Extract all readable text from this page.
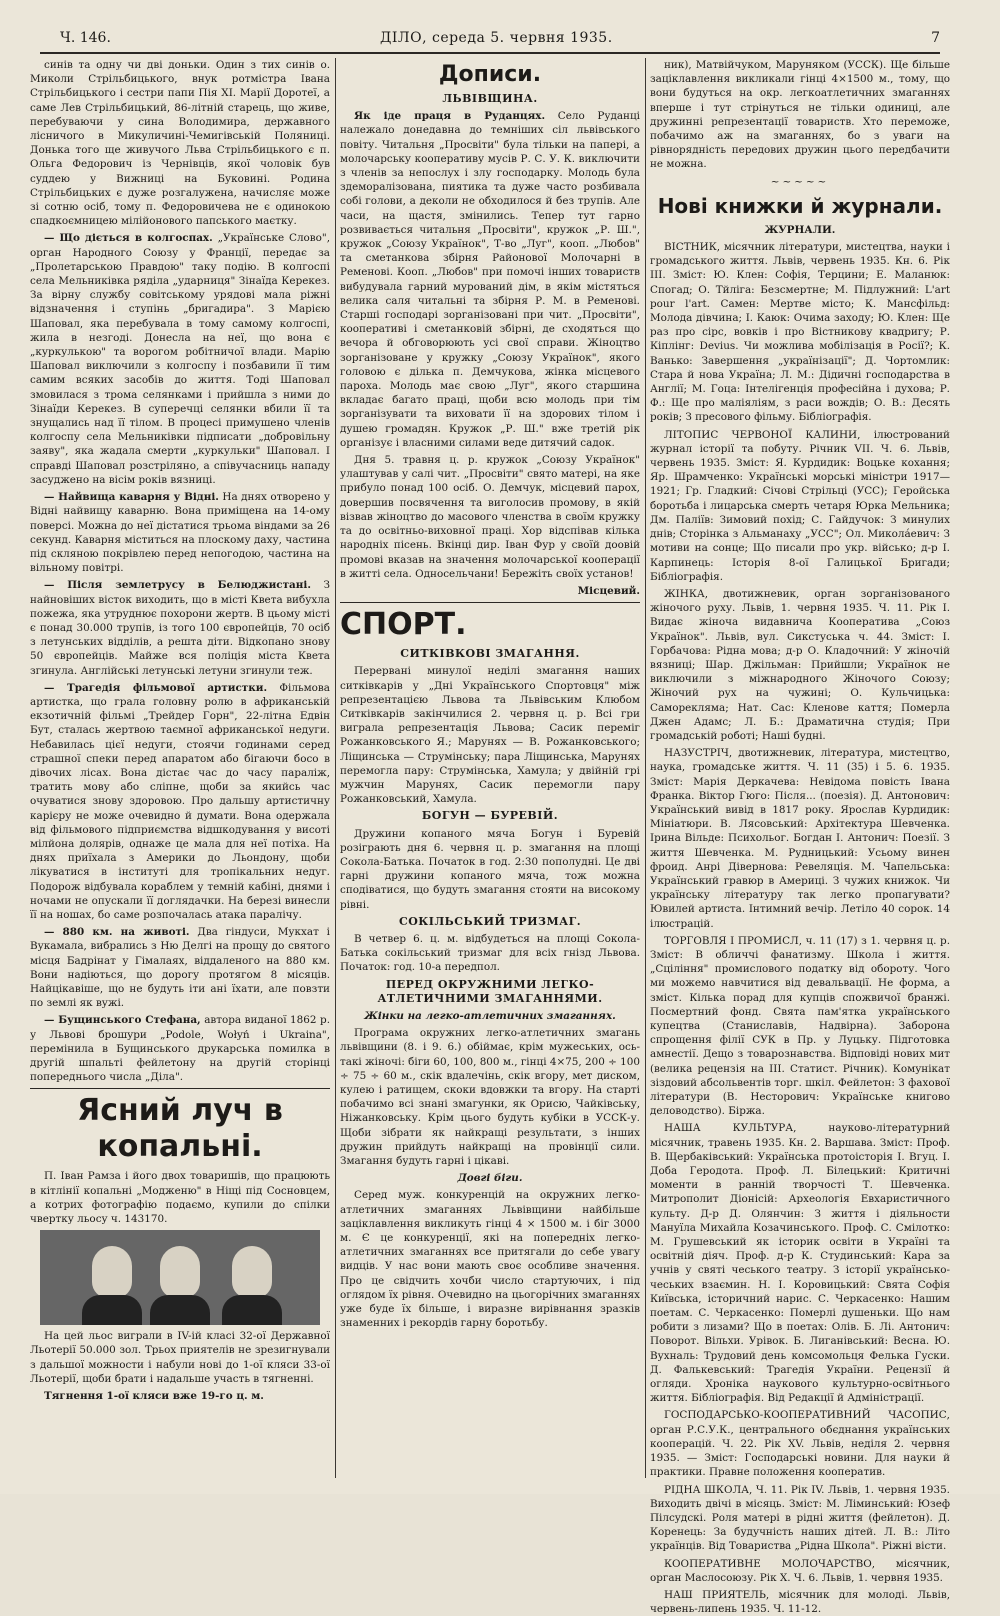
Ч. 146.	ДІЛО, середа 5. червня 1935.	7

синів та одну чи дві доньки. Один з тих синів о. Миколи Стрільбицького, внук ротмістра Івана Стрільбицького і сестри папи Пія XI. Марії Доротеї, а саме Лев Стрільбицький, 86-літній старець, що живе, перебуваючи у сина Володимира, державного лісничого в Микуличині-Чемигівській Поляниці. Донька того ще живучого Льва Стрільбицького є п. Ольга Федорович із Чернівців, якої чоловік був суддею у Вижниці на Буковині. Родина Стрільбицьких є дуже розгалужена, начисляє може зі сотню осіб, тому п. Федоровичева не є одинокою спадкоємницею мілійонового папського маєтку.

— Що діється в колгоспах. „Українське Слово", орган Народного Союзу у Франції, передає за „Пролетарською Правдою" таку подію. В колгоспі села Мельниківка ряділа „ударниця" Зінаїда Керекез. За вірну службу совітському урядові мала ріжні відзначення і ступінь „бригадира". З Марією Шаповал, яка перебувала в тому самому колгоспі, жила в незгоді. Донесла на неї, що вона є „куркулькою" та ворогом робітничої влади. Марію Шаповал виключили з колгоспу і позбавили її тим самим всяких засобів до життя. Тоді Шаповал змовилася з трома селянками і прийшла з ними до Зінаїди Керекез. В суперечці селянки вбили її та знущались над її тілом. В процесі примушено членів колгоспу села Мельниківки підписати „добровільну заяву", яка жадала смерти „куркульки" Шаповал. І справді Шаповал розстріляно, а співучасниць нападу засуджено на вісім років вязниці.

— Найвища каварня у Відні. На днях отворено у Відні найвищу каварню. Вона приміщена на 14-ому поверсі. Можна до неї дістатися трьома віндами за 26 секунд. Каварня міститься на плоскому даху, частина під скляною покрівлею перед непогодою, частина на вільному повітрі.

— Після землетрусу в Белюджистані. З найновіших вісток виходить, що в місті Квета вибухла пожежа, яка утруднює похорони жертв. В цьому місті є понад 30.000 трупів, із того 100 європейців, 70 осіб з летунських відділів, а решта діти. Відкопано знову 50 європейців. Майже вся поліція міста Квета згинула. Англійські летунські летуни згинули теж.

— Трагедія фільмової артистки. Фільмова артистка, що грала головну ролю в африканській екзотичній фільмі „Трейдер Горн", 22-літна Едвін Бут, сталась жертвою таємної африканської недуги. Небавилась цієї недуги, стоячи годинами серед страшної спеки перед апаратом або бігаючи босо в дівочих лісах. Вона дістає час до часу параліж, тратить мову або сліпне, щоби за якийсь час очуватися знову здоровою. Про дальшу артистичну карієру не може очевидно й думати. Вона одержала від фільмового підприємства відшкодування у висоті мілйона долярів, однаже це мала для неї потіха. На днях приїхала з Америки до Льондону, щоби лікуватися в інституті для тропікальних недуг. Подорож відбувала кораблем у темній кабіні, днями і ночами не опускали її доглядачки. На березі винесли її на ношах, бо саме розпочалась атака паралічу.

— 880 км. на животі. Два гіндуси, Мукхат і Вукамала, вибрались з Ню Делгі на прощу до святого місця Бадрінат у Гімалаях, віддаленого на 880 км. Вони надіються, що дорогу протягом 8 місяців. Найцікавіше, що не будуть іти ані їхати, але повзти по землі як вужі.

— Бущинського Стефана, автора виданої 1862 р. у Львові брошури „Podole, Wołyń i Ukraina", перемінила в Бущинського друкарська помилка в другій шпальті фейлетону на другій сторінці попереднього числа „Діла".

Ясний луч в копальні.

П. Іван Рамза і його двох товаришів, що працюють в кітлінії копальні „Модженю" в Ніщі під Сосновцем, а котрих фотографію подаємо, купили до спілки чвертку льосу ч. 143170.

На цей льос виграли в IV-ій класі 32-ої Державної Льотерії 50.000 зол. Трьох приятелів не зрезигнували з дальшої можности і набули нові до 1-ої кляси 33-ої Льотерії, щоби брати і надальше участь в тягненні.

Тягнення 1-ої кляси вже 19-го ц. м.

Дописи.

ЛЬВІВЩИНА.

Як іде праця в Руданцях. Село Руданці належало донедавна до темніших сіл львівського повіту. Читальня „Просвіти" була тільки на папері, а молочарську кооперативу мусів Р. С. У. К. виключити з членів за непослух і злу господарку. Молодь була здеморалізована, пиятика та дуже часто розбивала собі голови, а деколи не обходилося й без трупів. Але часи, на щастя, змінились. Тепер тут гарно розвивається читальня „Просвіти", кружок „Р. Ш.", кружок „Союзу Українок", Т-во „Луг", кооп. „Любов" та сметанкова збірня Районової Молочарні в Ременові. Коoп. „Любов" при помочі інших товариств вибудувала гарний мурований дім, в якім містяться велика саля читальні та збірня Р. М. в Ременові. Старші господарі зорганізовані при чит. „Просвіти", кооперативі і сметанковій збірні, де сходяться що вечора й обговорюють усі свої справи. Жіноцтво зорганізоване у кружку „Союзу Українок", якого головою є ділька п. Демчукова, жінка місцевого пароха. Молодь має свою „Луг", якого старшина вкладає багато праці, щоби всю молодь при тім зорганізувати та виховати її на здорових тілом і душею громадян. Кружок „Р. Ш." вже третій рік організує і власними силами веде дитячий садок.

Дня 5. травня ц. р. кружок „Союзу Українок" улаштував у салі чит. „Просвіти" свято матері, на яке прибуло понад 100 осіб. О. Демчук, місцевий парох, довершив посвячення та виголосив промову, в якій візвав жіноцтво до масового членства в своїм кружку та до освітньо-виховної праці. Хор відспівав кілька народніх пісень. Вкінці дир. Іван Фур у своїй доовій промові вказав на значення молочарської кооперації в житті села. Односельчани! Бережіть своїх установ!

Місцевий.

СПОРТ.

СИТКІВКОВІ ЗМАГАННЯ.

Перервані минулої неділі змагання наших ситківкарів у „Дні Українського Спортовця" між репрезентацією Львова та Львівським Клюбом Ситківкарів закінчилися 2. червня ц. р. Всі гри виграла репрезентація Львова; Сасик переміг Рожанковського Я.; Марунях — В. Рожанковського; Ліщинська — Струмінську; пара Ліщинська, Марунях перемогла пару: Струмінська, Хамула; у двійній грі мужчин Марунях, Сасик перемогли пару Рожанковський, Хамула.

БОГУН — БУРЕВІЙ.

Дружини копаного мяча Богун і Буревій розіграють дня 6. червня ц. р. змагання на площі Сокола-Батька. Початок в год. 2:30 пополудні. Це дві гарні дружини копаного мяча, тож можна сподіватися, що будуть змагання стояти на високому рівні.

СОКІЛЬСЬКИЙ ТРИЗМАГ.

В четвер 6. ц. м. відбудеться на площі Сокола-Батька сокільський тризмаг для всіх гнізд Львова. Початок: год. 10-а передпол.

ПЕРЕД ОКРУЖНИМИ ЛЕГКО-АТЛЕТИЧНИМИ ЗМАГАННЯМИ.

Жінки на легко-атлетичних змаганнях.

Програма окружних легко-атлетичних змагань львівщини (8. і 9. 6.) обіймає, крім мужеських, ось-такі жіночі: біги 60, 100, 800 м., гінці 4×75, 200 ÷ 100 ÷ 75 ÷ 60 м., скік вдалечінь, скік вгору, мет диском, кулею і ратищем, скоки вдовжки та вгору. На старті побачимо всі знані змагунки, як Орисю, Чайківську, Ніжанковську. Крім цього будуть кубіки в УССК-у. Щоби зібрати як найкращі результати, з інших дружин прийдуть найкращі на провінції сили. Змагання будуть гарні і цікаві.

Довгі біги.

Серед муж. конкуренцій на окружних легко-атлетичних змаганнях Львівщини найбільше заціклавлення викликуть гінці 4 × 1500 м. і біг 3000 м. Є це конкуренції, які на попередніх легко-атлетичних змаганнях все притягали до себе увагу видців. У нас вони мають своє особливе значення. Про це свідчить хочби число стартуючих, і під оглядом їх рівня. Очевидно на цьогорічних змаганнях уже буде їх більше, і виразне вирівнання зразків знаменних і рекордів гарну боротьбу.

ник), Матвійчуком, Маруняком (УССК). Ще більше заціклавлення викликали гінці 4×1500 м., тому, що вони будуться на окр. легкоатлетичних змаганнях вперше і тут стрінуться не тільки одиниці, але дружинні репрезентації товариств. Хто переможе, побачимо аж на змаганнях, бо з уваги на рівнорядність передових дружин цього передбачити не можна.

~~~~~
Нові книжки й журнали.

ЖУРНАЛИ.

ВІСТНИК, місячник літератури, мистецтва, науки і громадського життя. Львів, червень 1935. Кн. 6. Рік III. Зміст: Ю. Клен: Софія, Терцини; Е. Маланюк: Спогад; О. Тйліга: Безсмертне; М. Підлужний: L'art pour l'art. Самен: Мертве місто; К. Мансфільд: Молода дівчина; І. Каюк: Очима заходу; Ю. Клен: Ще раз про сірс, вовків і про Вістникову квадригу; Р. Кіплінг: Dеvіus. Чи можлива мобілізація в Росії?; К. Ванько: Завершення „українізації"; Д. Чортомлик: Стара й нова Україна; Л. М.: Дідичні господарства в Англії; М. Гоца: Інтелігенція професійна і духова; Р. Ф.: Ще про маліяліям, з раси вождів; О. В.: Десять років; З пресового фільму. Бібліографія.

ЛІТОПИС ЧЕРВОНОЇ КАЛИНИ, ілюстрований журнал історії та побуту. Річник VII. Ч. 6. Львів, червень 1935. Зміст: Я. Курдидик: Воцьке кохання; Яр. Шрамченко: Українські морські міністри 1917—1921; Гр. Гладкий: Січові Стрільці (УСС); Геройська боротьба і лицарська смерть четаря Юрка Мельника; Дм. Паліїв: Зимовий похід; С. Гайдучок: З минулих днів; Сторінка з Альманаху „УСС"; Ол. Микола́евич: З мотиви на сонце; Що писали про укр. військо; д-р І. Карпинець: Історія 8-ої Галицької Бригади; Бібліографія.

ЖІНКА, двотижневик, орган зорганізованого жіночого руху. Львів, 1. червня 1935. Ч. 11. Рік І. Видає жіноча видавнича Кооператива „Союз Українок". Львів, вул. Сикстуська ч. 44. Зміст: І. Горбачова: Рідна мова; д-р О. Кладочний: У жіночій вязниці; Шар. Джільман: Прийшли; Українок не виключили з міжнародного Жіночого Союзу; Жіночий рух на чужині; О. Кульчицька: Саморекляма; Нат. Сас: Кленове каття; Померла Джен Адамс; Л. Б.: Драматична студія; При громадській роботі; Наші будні.

НАЗУСТРІЧ, двотижневик, література, мистецтво, наука, громадське життя. Ч. 11 (35) і 5. 6. 1935. Зміст: Марія Деркачева: Невідома повість Івана Франка. Віктор Гюго: Після... (поезія). Д. Антонович: Український вивід в 1817 року. Ярослав Курдидик: Мініатюри. В. Лясовський: Архітектура Шевченка. Ірина Вільде: Психольог. Богдан І. Антонич: Поезії. З життя Шевченка. М. Рудницький: Усьому винен фроид. Анрі Дівернова: Ревеляція. М. Чапельська: Український гравюр в Америці. З чужих книжок. Чи українську літературу так легко пропагувати? Ювилей артиста. Інтимний вечір. Летіло 40 сорок. 14 ілюстрацій.

ТОРГОВЛЯ І ПРОМИСЛ, ч. 11 (17) з 1. червня ц. р. Зміст: В обличчі фанатизму. Школа і життя. „Сціління" промислового податку від обороту. Чого ми можемо навчитися від девальвації. Не форма, а зміст. Кілька порад для купців спожвичої бранжі. Посмертний фонд. Свята пам'ятка українського купецтва (Станиславів, Надвірна). Заборона спрощення філії СУК в Пр. у Луцьку. Підготовка амнестії. Дещо з товарознавства. Відповіді нових мит (велика рецензія на ІІІ. Статист. Річник). Комунікат зіздовий абсольвентів торг. шкіл. Фейлетон: З фахової літератури (В. Несторович: Українське книгово деловодство). Біржа.

НАША КУЛЬТУРА, науково-літературний місячник, травень 1935. Кн. 2. Варшава. Зміст: Проф. В. Щербаківський: Українська протоісторія І. Вгуц. І. Доба Геродота. Проф. Л. Білецький: Критичні моменти в ранній творчості Т. Шевченка. Митрополит Діонісій: Археологія Евхаристичного культу. Д-р Д. Олянчин: З життя і діяльности Мануїла Михайла Козачинського. Проф. С. Смілотко: М. Грушевський як історик освіти в Україні та освітній діяч. Проф. д-р К. Студинський: Кара за учнів у святі чеського театру. З історії українсько-чеських взаємин. Н. І. Коровицький: Свята Софія Київська, історичний нарис. С. Черкасенко: Нашим поетам. С. Черкасенко: Померлі душеньки. Що нам робити з лизами? Що в поетах: Олів. Б. Лі. Антонич: Поворот. Вільхи. Урівок. Б. Лиганівський: Весна. Ю. Вухналь: Трудовий день комсомольця Фелька Гуски. Д. Фалькевський: Трагедія України. Рецензії й огляди. Хроніка наукового культурно-освітнього життя. Бібліографія. Від Редакції й Адміністрації.

ГОСПОДАРСЬКО-КООПЕРАТИВНИЙ ЧАСОПИС, орган Р.С.У.К., центрального обєднання українських кооперацій. Ч. 22. Рік XV. Львів, неділя 2. червня 1935. — Зміст: Господарські новини. Для науки й практики. Правне положення кооператив.

РІДНА ШКОЛА, Ч. 11. Рік IV. Львів, 1. червня 1935. Виходить двічі в місяць. Зміст: М. Ліминський: Юзеф Пілсудскі. Роля матері в рідні життя (фейлетон). Д. Коренець: За будучність наших дітей. Л. В.: Літо українців. Від Товариства „Рідна Школа". Ріжні вісти.

КООПЕРАТИВНЕ МОЛОЧАРСТВО, місячник, орган Маслосоюзу. Рік Х. Ч. 6. Львів, 1. червня 1935.

НАШ ПРИЯТЕЛЬ, місячник для молоді. Львів, червень-липень 1935. Ч. 11-12.
